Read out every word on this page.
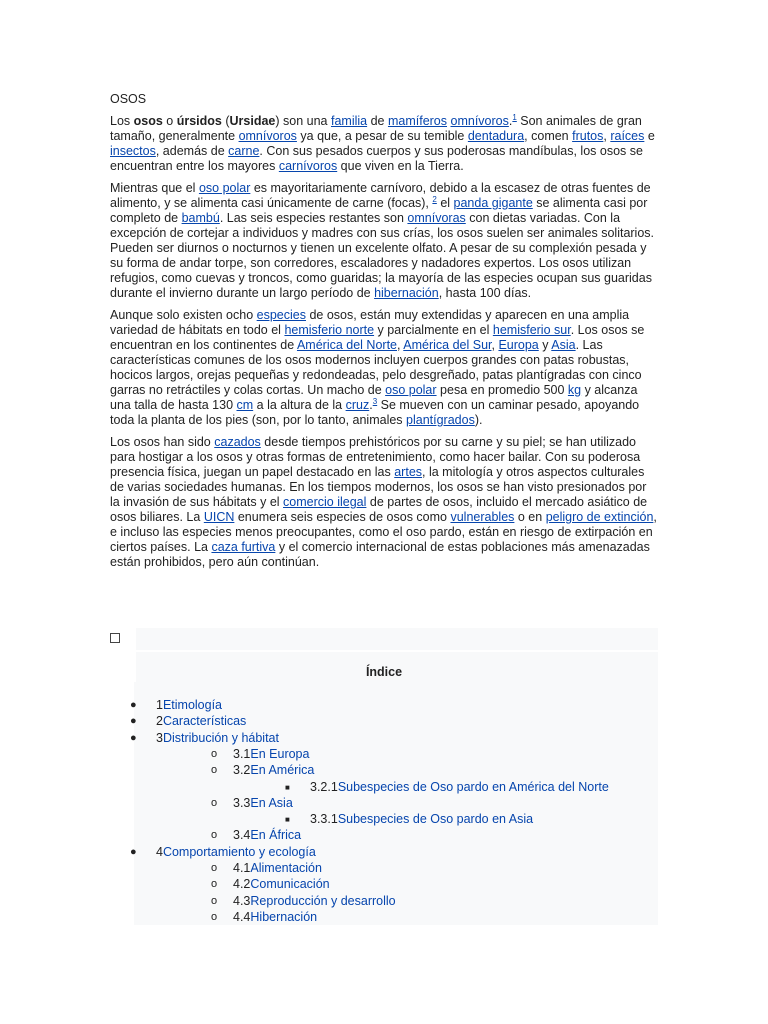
OSOS

Los osos o úrsidos (Ursidae) son una familia de mamíferos omnívoros.$^1$ Son animales de gran tamaño, generalmente omnívoros ya que, a pesar de su temible dentadura, comen frutos, raíces e insectos, además de carne. Con sus pesados cuerpos y sus poderosas mandíbulas, los osos se encuentran entre los mayores carnívoros que viven en la Tierra.

Mientras que el oso polar es mayoritariamente carnívoro, debido a la escasez de otras fuentes de alimento, y se alimenta casi únicamente de carne (focas), $^2$ el panda gigante se alimenta casi por completo de bambú. Las seis especies restantes son omnívoras con dietas variadas. Con la excepción de cortejar a individuos y madres con sus crías, los osos suelen ser animales solitarios. Pueden ser diurnos o nocturnos y tienen un excelente olfato. A pesar de su complexión pesada y su forma de andar torpe, son corredores, escaladores y nadadores expertos. Los osos utilizan refugios, como cuevas y troncos, como guaridas; la mayoría de las especies ocupan sus guaridas durante el invierno durante un largo período de hibernación, hasta 100 días.

Aunque solo existen ocho especies de osos, están muy extendidas y aparecen en una amplia variedad de hábitats en todo el hemisferio norte y parcialmente en el hemisferio sur. Los osos se encuentran en los continentes de América del Norte, América del Sur, Europa y Asia. Las características comunes de los osos modernos incluyen cuerpos grandes con patas robustas, hocicos largos, orejas pequeñas y redondeadas, pelo desgreñado, patas plantígradas con cinco garras no retráctiles y colas cortas. Un macho de oso polar pesa en promedio 500 kg y alcanza una talla de hasta 130 cm a la altura de la cruz.$^3$ Se mueven con un caminar pesado, apoyando toda la planta de los pies (son, por lo tanto, animales plantígrados).

Los osos han sido cazados desde tiempos prehistóricos por su carne y su piel; se han utilizado para hostigar a los osos y otras formas de entretenimiento, como hacer bailar. Con su poderosa presencia física, juegan un papel destacado en las artes, la mitología y otros aspectos culturales de varias sociedades humanas. En los tiempos modernos, los osos se han visto presionados por la invasión de sus hábitats y el comercio ilegal de partes de osos, incluido el mercado asiático de osos biliares. La UICN enumera seis especies de osos como vulnerables o en peligro de extinción, e incluso las especies menos preocupantes, como el oso pardo, están en riesgo de extirpación en ciertos países. La caza furtiva y el comercio internacional de estas poblaciones más amenazadas están prohibidos, pero aún continúan.

Índice
● 1Etimología
● 2Características
● 3Distribución y hábitat
o 3.1En Europa
o 3.2En América
■ 3.2.1Subespecies de Oso pardo en América del Norte
o 3.3En Asia
■ 3.3.1Subespecies de Oso pardo en Asia
o 3.4En África
● 4Comportamiento y ecología
o 4.1Alimentación
o 4.2Comunicación
o 4.3Reproducción y desarrollo
o 4.4Hibernación
